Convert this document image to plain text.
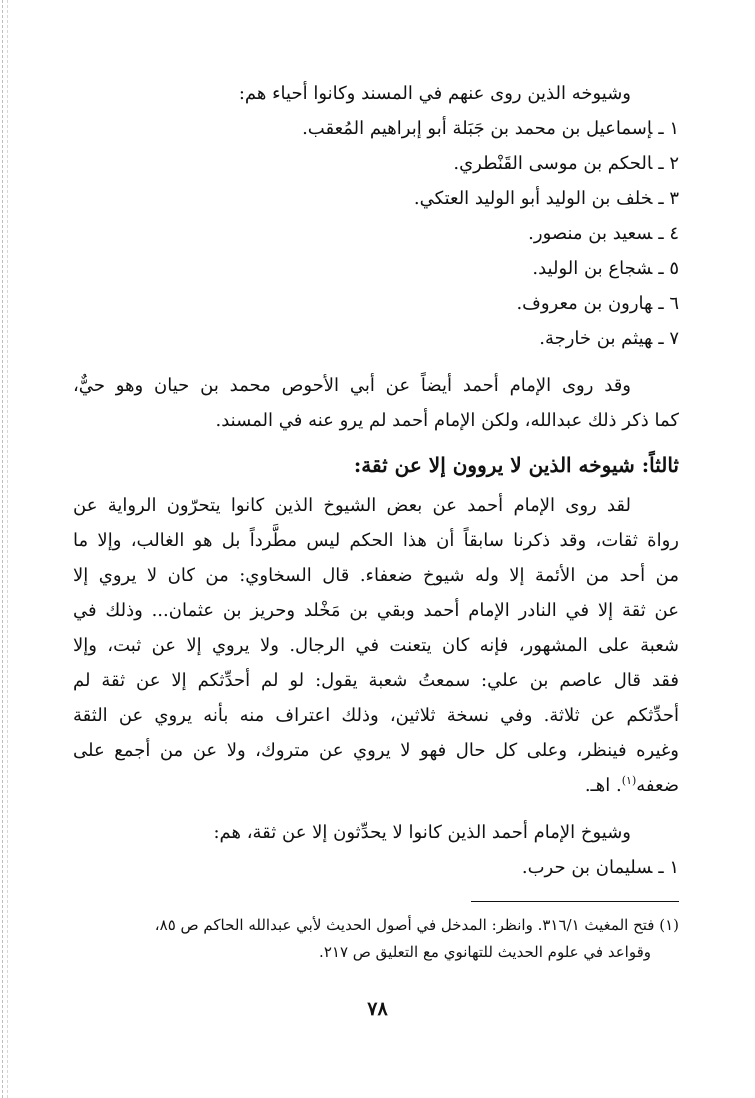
وشيوخه الذين روى عنهم في المسند وكانوا أحياء هم:
١ ـإسماعيل بن محمد بن جَبَلة أبو إبراهيم المُعقب.
٢ ـالحكم بن موسى القَنْطري.
٣ ـخلف بن الوليد أبو الوليد العتكي.
٤ ـسعيد بن منصور.
٥ ـشجاع بن الوليد.
٦ ـهارون بن معروف.
٧ ـهيثم بن خارجة.
وقد روى الإمام أحمد أيضاً عن أبي الأحوص محمد بن حيان وهو حيٌّ،
كما ذكر ذلك عبدالله، ولكن الإمام أحمد لم يرو عنه في المسند.
ثالثاً: شيوخه الذين لا يروون إلا عن ثقة:
لقد روى الإمام أحمد عن بعض الشيوخ الذين كانوا يتحرّون الرواية عن
رواة ثقات، وقد ذكرنا سابقاً أن هذا الحكم ليس مطَّرداً بل هو الغالب، وإلا ما
من أحد من الأئمة إلا وله شيوخ ضعفاء. قال السخاوي: من كان لا يروي إلا
عن ثقة إلا في النادر الإمام أحمد وبقي بن مَخْلد وحريز بن عثمان... وذلك في
شعبة على المشهور، فإنه كان يتعنت في الرجال. ولا يروي إلا عن ثبت، وإلا
فقد قال عاصم بن علي: سمعتُ شعبة يقول: لو لم أحدِّثكم إلا عن ثقة لم
أحدِّثكم عن ثلاثة. وفي نسخة ثلاثين، وذلك اعتراف منه بأنه يروي عن الثقة
وغيره فينظر، وعلى كل حال فهو لا يروي عن متروك، ولا عن من أجمع على
ضعفه$^{(١)}$. اهـ.
وشيوخ الإمام أحمد الذين كانوا لا يحدِّثون إلا عن ثقة، هم:
١ ـسليمان بن حرب.
(١) فتح المغيث ٣١٦/١. وانظر: المدخل في أصول الحديث لأبي عبدالله الحاكم ص ٨٥،
وقواعد في علوم الحديث للتهانوي مع التعليق ص ٢١٧.
٧٨
